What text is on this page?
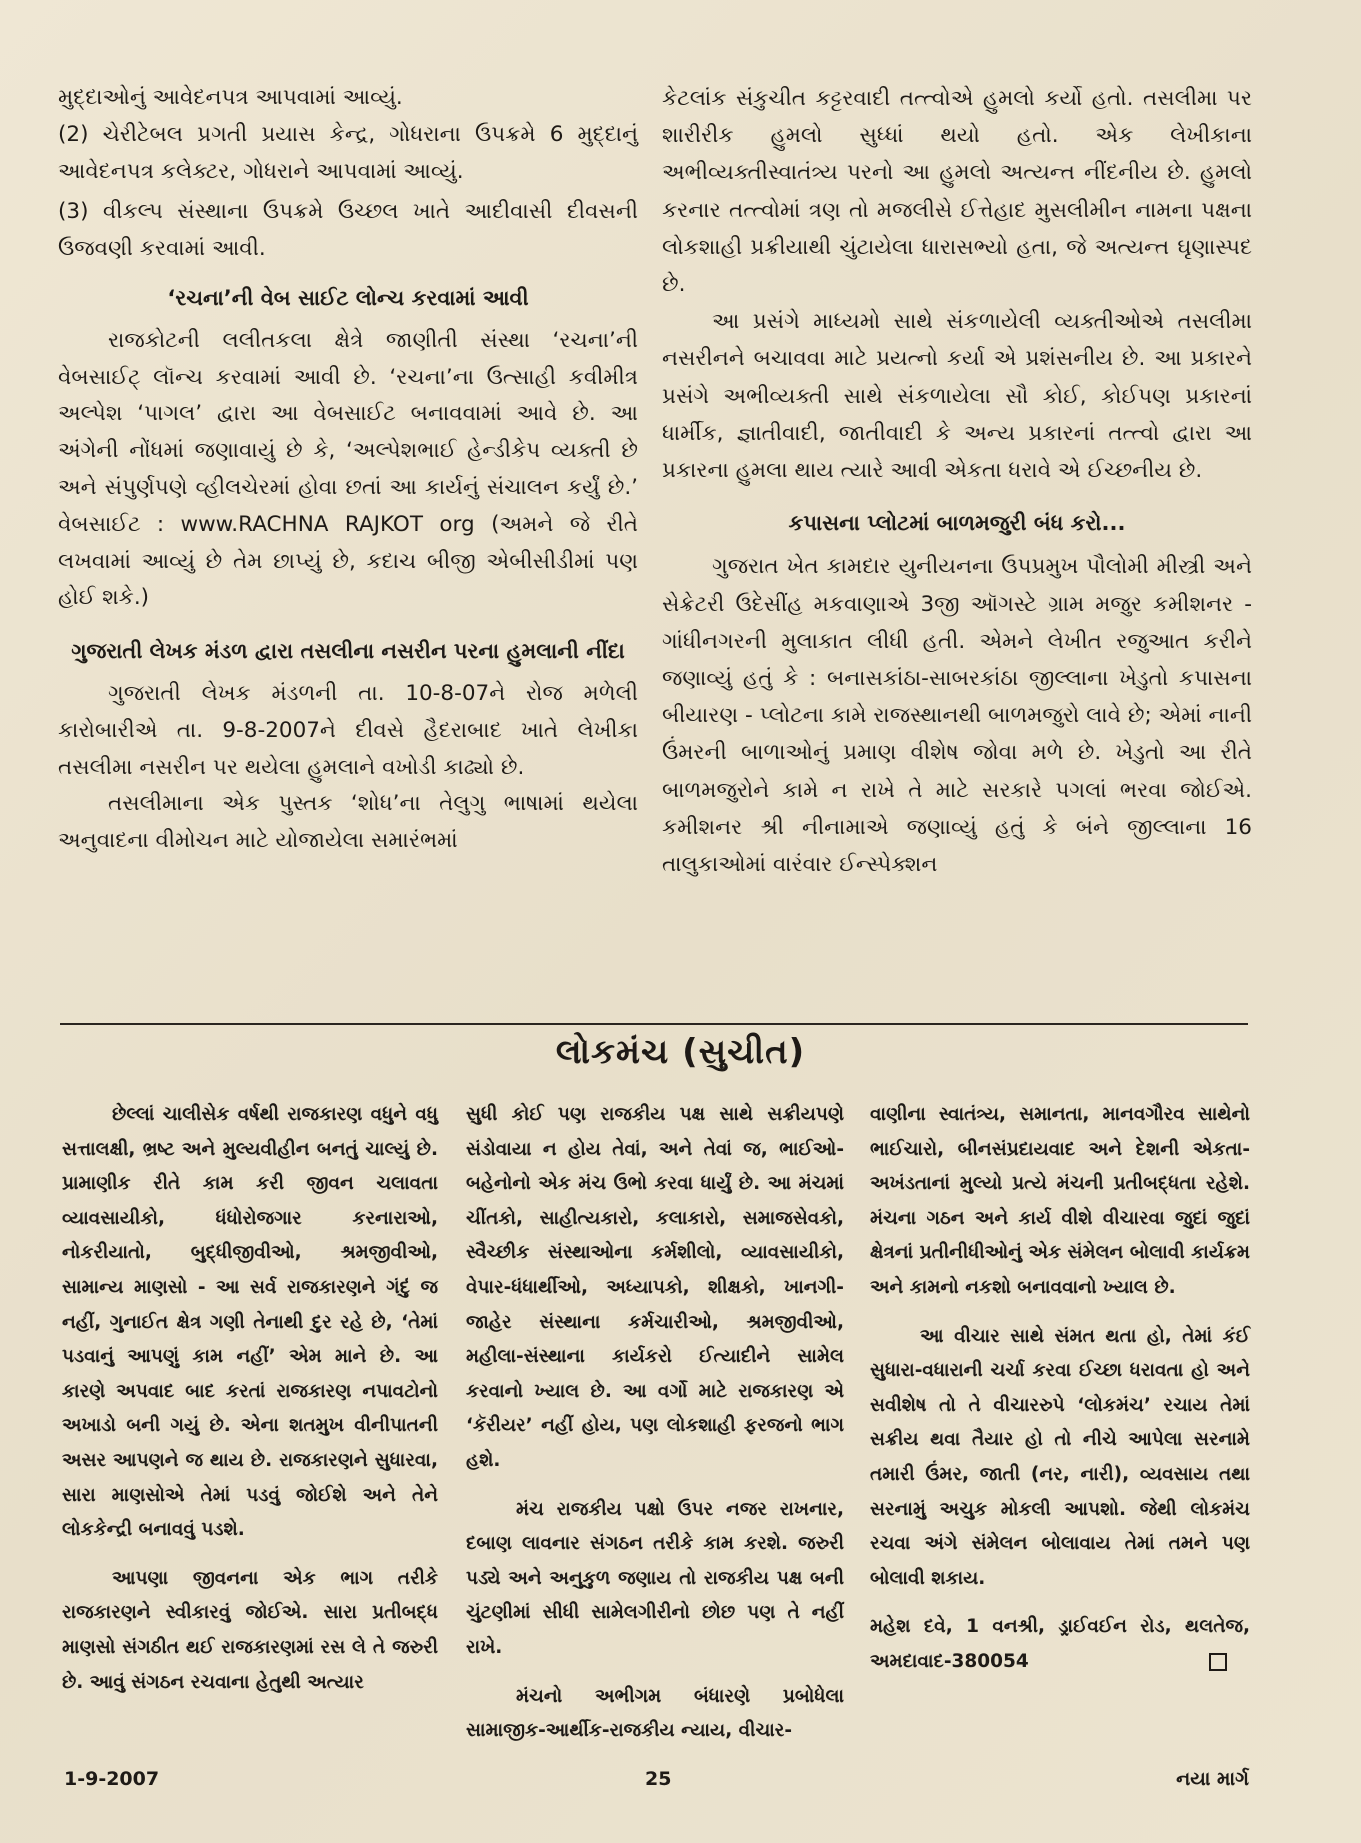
મુદ્દાઓનું આવેદનપત્ર આપવામાં આવ્યું.

(2) ચેરીટેબલ પ્રગતી પ્રયાસ કેન્દ્ર, ગોધરાના ઉપક્રમે 6 મુદ્દાનું આવેદનપત્ર કલેક્ટર, ગોધરાને આપવામાં આવ્યું.

(3) વીકલ્પ સંસ્થાના ઉપક્રમે ઉચ્છલ ખાતે આદીવાસી દીવસની ઉજવણી કરવામાં આવી.

‘રચના’ની વેબ સાઈટ લોન્ચ કરવામાં આવી

રાજકોટની લલીતકલા ક્ષેત્રે જાણીતી સંસ્થા ‘રચના’ની વેબસાઈટ્ લૉન્ચ કરવામાં આવી છે. ‘રચના’ના ઉત્સાહી કવીમીત્ર અલ્પેશ ‘પાગલ’ દ્વારા આ વેબસાઈટ બનાવવામાં આવે છે. આ અંગેની નોંધમાં જણાવાયું છે કે, ‘અલ્પેશભાઈ હેન્ડીકેપ વ્યક્તી છે અને સંપુર્ણપણે વ્હીલચેરમાં હોવા છતાં આ કાર્યનું સંચાલન કર્યું છે.’ વેબસાઈટ : www.RACHNA RAJKOT org (અમને જે રીતે લખવામાં આવ્યું છે તેમ છાપ્યું છે, કદાચ બીજી એબીસીડીમાં પણ હોઈ શકે.)

ગુજરાતી લેખક મંડળ દ્વારા તસલીના નસરીન પરના હુમલાની નીંદા

ગુજરાતી લેખક મંડળની તા. 10-8-07ને રોજ મળેલી કારોબારીએ તા. 9-8-2007ને દીવસે હૈદરાબાદ ખાતે લેખીકા તસલીમા નસરીન પર થયેલા હુમલાને વખોડી કાઢ્યો છે.

તસલીમાના એક પુસ્તક ‘શોધ’ના તેલુગુ ભાષામાં થયેલા અનુવાદના વીમોચન માટે યોજાયેલા સમારંભમાં

કેટલાંક સંકુચીત કટ્ટરવાદી તત્ત્વોએ હુમલો કર્યો હતો. તસલીમા પર શારીરીક હુમલો સુધ્ધાં થયો હતો. એક લેખીકાના અભીવ્યક્તીસ્વાતંત્ર્ય પરનો આ હુમલો અત્યન્ત નીંદનીય છે. હુમલો કરનાર તત્ત્વોમાં ત્રણ તો મજલીસે ઈત્તેહાદ મુસલીમીન નામના પક્ષના લોકશાહી પ્રક્રીયાથી ચુંટાયેલા ધારાસભ્યો હતા, જે અત્યન્ત ઘૃણાસ્પદ છે.

આ પ્રસંગે માધ્યમો સાથે સંકળાયેલી વ્યક્તીઓએ તસલીમા નસરીનને બચાવવા માટે પ્રયત્નો કર્યા એ પ્રશંસનીય છે. આ પ્રકારને પ્રસંગે અભીવ્યક્તી સાથે સંકળાયેલા સૌ કોઈ, કોઈપણ પ્રકારનાં ધાર્મીક, જ્ઞાતીવાદી, જાતીવાદી કે અન્ય પ્રકારનાં તત્ત્વો દ્વારા આ પ્રકારના હુમલા થાય ત્યારે આવી એકતા ધરાવે એ ઈચ્છનીય છે.

કપાસના પ્લોટમાં બાળમજુરી બંધ કરો...

ગુજરાત ખેત કામદાર યુનીયનના ઉપપ્રમુખ પૌલોમી મીસ્ત્રી અને સેક્રેટરી ઉદેસીંહ મકવાણાએ 3જી ઑગસ્ટે ગ્રામ મજુર કમીશનર - ગાંધીનગરની મુલાકાત લીધી હતી. એમને લેખીત રજુઆત કરીને જણાવ્યું હતું કે : બનાસકાંઠા-સાબરકાંઠા જીલ્લાના ખેડુતો કપાસના બીયારણ - પ્લોટના કામે રાજસ્થાનથી બાળમજુરો લાવે છે; એમાં નાની ઉંમરની બાળાઓનું પ્રમાણ વીશેષ જોવા મળે છે. ખેડુતો આ રીતે બાળમજુરોને કામે ન રાખે તે માટે સરકારે પગલાં ભરવા જોઈએ. કમીશનર શ્રી નીનામાએ જણાવ્યું હતું કે બંને જીલ્લાના 16 તાલુકાઓમાં વારંવાર ઈન્સ્પેક્શન

લોકમંચ (સુચીત)

છેલ્લાં ચાલીસેક વર્ષથી રાજકારણ વધુને વધુ સત્તાલક્ષી, ભ્રષ્ટ અને મુલ્યવીહીન બનતું ચાલ્યું છે. પ્રામાણીક રીતે કામ કરી જીવન ચલાવતા વ્યાવસાયીકો, ધંધોરોજગાર કરનારાઓ, નોકરીયાતો, બુદ્ધીજીવીઓ, શ્રમજીવીઓ, સામાન્ય માણસો - આ સર્વ રાજકારણને ગંદું જ નહીં, ગુનાઈત ક્ષેત્ર ગણી તેનાથી દુર રહે છે, ‘તેમાં પડવાનું આપણું કામ નહીં’ એમ માને છે. આ કારણે અપવાદ બાદ કરતાં રાજકારણ નપાવટોનો અખાડો બની ગયું છે. એના શતમુખ વીનીપાતની અસર આપણને જ થાય છે. રાજકારણને સુધારવા, સારા માણસોએ તેમાં પડવું જોઈશે અને તેને લોકકેન્દ્રી બનાવવું પડશે.

આપણા જીવનના એક ભાગ તરીકે રાજકારણને સ્વીકારવું જોઈએ. સારા પ્રતીબદ્ધ માણસો સંગઠીત થઈ રાજકારણમાં રસ લે તે જરુરી છે. આવું સંગઠન રચવાના હેતુથી અત્યાર

સુધી કોઈ પણ રાજકીય પક્ષ સાથે સક્રીયપણે સંડોવાયા ન હોય તેવાં, અને તેવાં જ, ભાઈઓ-બહેનોનો એક મંચ ઉભો કરવા ધાર્યું છે. આ મંચમાં ચીંતકો, સાહીત્યકારો, કલાકારો, સમાજસેવકો, સ્વૈચ્છીક સંસ્થાઓના કર્મશીલો, વ્યાવસાયીકો, વેપાર-ધંધાર્થીઓ, અધ્યાપકો, શીક્ષકો, ખાનગી-જાહેર સંસ્થાના કર્મચારીઓ, શ્રમજીવીઓ, મહીલા-સંસ્થાના કાર્યકરો ઈત્યાદીને સામેલ કરવાનો ખ્યાલ છે. આ વર્ગો માટે રાજકારણ એ ‘કૅરીયર’ નહીં હોય, પણ લોકશાહી ફરજનો ભાગ હશે.

મંચ રાજકીય પક્ષો ઉપર નજર રાખનાર, દબાણ લાવનાર સંગઠન તરીકે કામ કરશે. જરુરી પડ્યે અને અનુકુળ જણાય તો રાજકીય પક્ષ બની ચુંટણીમાં સીધી સામેલગીરીનો છોછ પણ તે નહીં રાખે.

મંચનો અભીગમ બંધારણે પ્રબોધેલા સામાજીક-આર્થીક-રાજકીય ન્યાય, વીચાર-

વાણીના સ્વાતંત્ર્ય, સમાનતા, માનવગૌરવ સાથેનો ભાઈચારો, બીનસંપ્રદાયવાદ અને દેશની એકતા-અખંડતાનાં મુલ્યો પ્રત્યે મંચની પ્રતીબદ્ધતા રહેશે. મંચના ગઠન અને કાર્ય વીશે વીચારવા જુદાં જુદાં ક્ષેત્રનાં પ્રતીનીધીઓનું એક સંમેલન બોલાવી કાર્યક્રમ અને કામનો નકશો બનાવવાનો ખ્યાલ છે.

આ વીચાર સાથે સંમત થતા હો, તેમાં કંઈ સુધારા-વધારાની ચર્ચા કરવા ઈચ્છા ધરાવતા હો અને સવીશેષ તો તે વીચારરુપે ‘લોકમંચ’ રચાય તેમાં સક્રીય થવા તૈયાર હો તો નીચે આપેલા સરનામે તમારી ઉંમર, જાતી (નર, નારી), વ્યવસાય તથા સરનામું અચુક મોકલી આપશો. જેથી લોકમંચ રચવા અંગે સંમેલન બોલાવાય તેમાં તમને પણ બોલાવી શકાય.

મહેશ દવે, 1 વનશ્રી, ડ્રાઈવઈન રોડ, થલતેજ, અમદાવાદ-380054

1-9-2007	25	નયા માર્ગ
